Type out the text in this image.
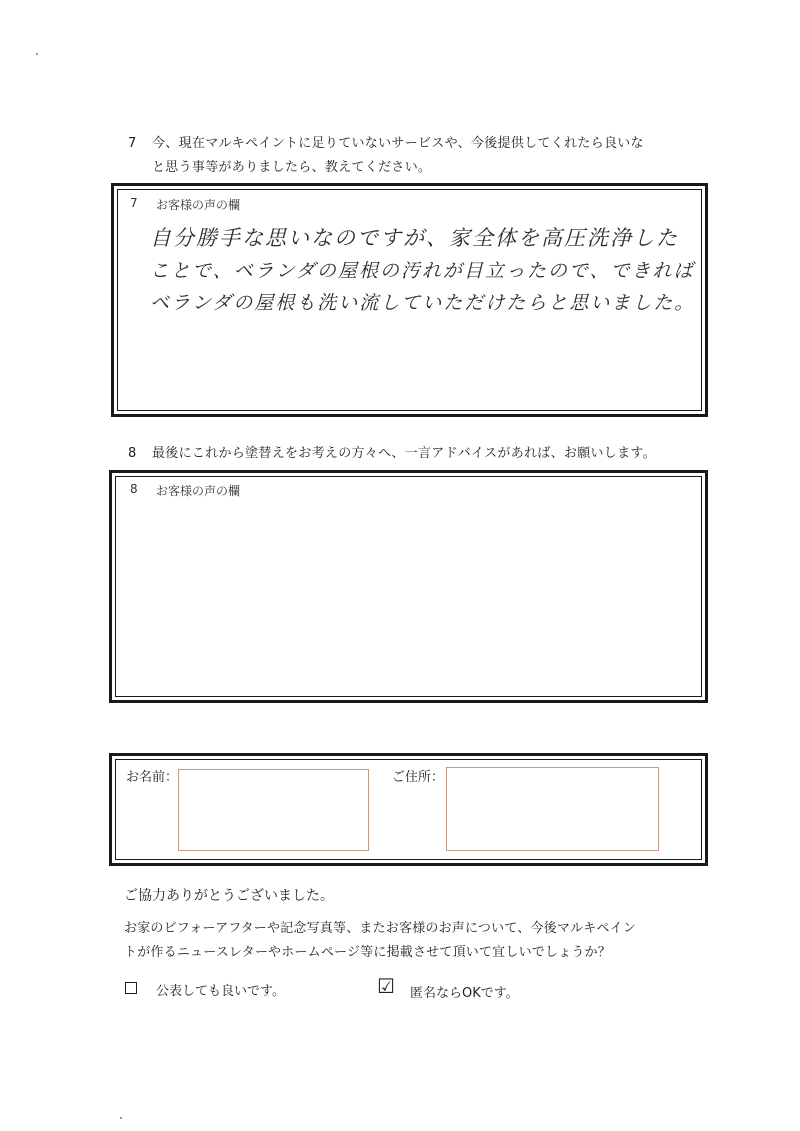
7 今、現在マルキペイントに足りていないサービスや、今後提供してくれたら良いな
と思う事等がありましたら、教えてください。
7 お客様の声の欄
自分勝手な思いなのですが、家全体を高圧洗浄した
ことで、ベランダの屋根の汚れが目立ったので、できれば
ベランダの屋根も洗い流していただけたらと思いました。
8 最後にこれから塗替えをお考えの方々へ、一言アドバイスがあれば、お願いします。
8 お客様の声の欄
お名前：	ご住所：
ご協力ありがとうございました。
お家のビフォーアフターや記念写真等、またお客様のお声について、今後マルキペイン
トが作るニュースレターやホームページ等に掲載させて頂いて宜しいでしょうか？
公表しても良いです。	☑ 匿名ならOKです。
